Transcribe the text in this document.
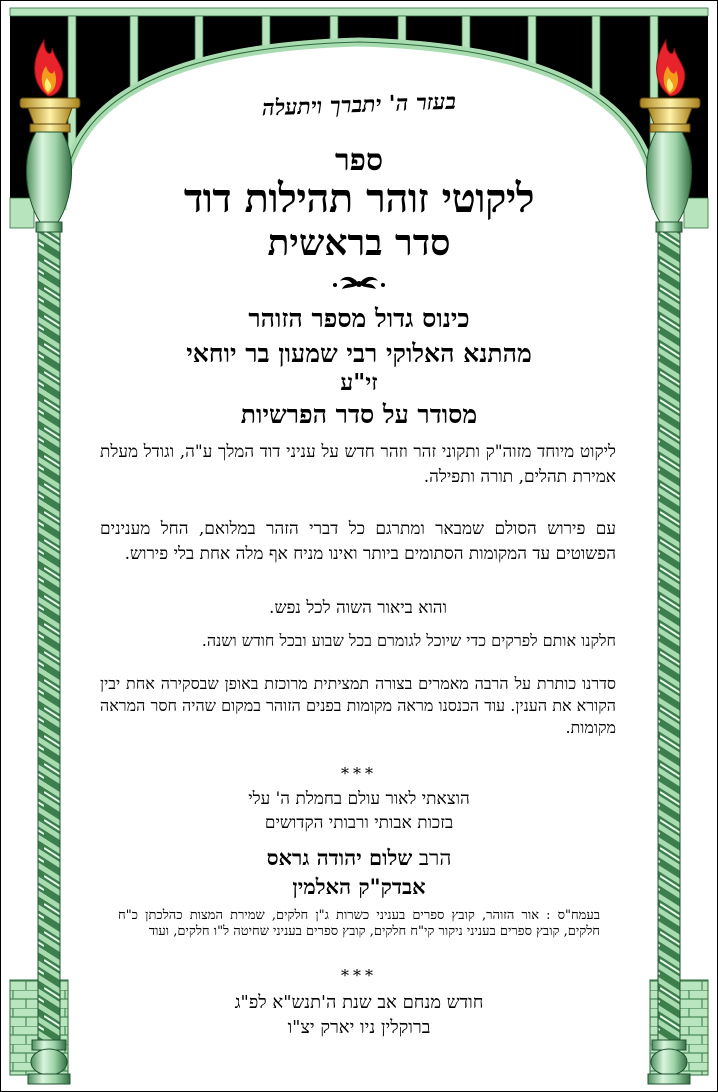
בעזר ה' יתברך ויתעלה
ספר
ליקוטי זוהר תהילות דוד
סדר בראשית
כינוס גדול מספר הזוהר
מהתנא האלוקי רבי שמעון בר יוחאי
זי"ע
מסודר על סדר הפרשיות

ליקוט מיוחד מזוה"ק ותקוני זהר וזהר חדש על עניני דוד המלך ע"ה, וגודל מעלת אמירת תהלים, תורה ותפילה.

עם פירוש הסולם שמבאר ומתרגם כל דברי הזהר במלואם, החל מענינים הפשוטים עד המקומות הסתומים ביותר ואינו מניח אף מלה אחת בלי פירוש.

והוא ביאור השוה לכל נפש.

חלקנו אותם לפרקים כדי שיוכל לגומרם בכל שבוע ובכל חודש ושנה.

סדרנו כותרת על הרבה מאמרים בצורה תמציתית מרוכזת באופן שבסקירה אחת יבין הקורא את הענין. עוד הכנסנו מראה מקומות בפנים הזוהר במקום שהיה חסר המראה מקומות.

***
הוצאתי לאור עולם בחמלת ה' עלי
בזכות אבותי ורבותי הקדושים
הרב שלום יהודה גראס
אבדק"ק האלמין

בעמח"ס : אור הזוהר, קובץ ספרים בעניני כשרות ג"ן חלקים, שמירת המצות כהלכתן כ"ח חלקים, קובץ ספרים בעניני ניקור קי"ח חלקים, קובץ ספרים בעניני שחיטה ל"ו חלקים, ועוד

***
חודש מנחם אב שנת ה'תנש"א לפ"ג
ברוקלין ניו יארק יצ"ו
